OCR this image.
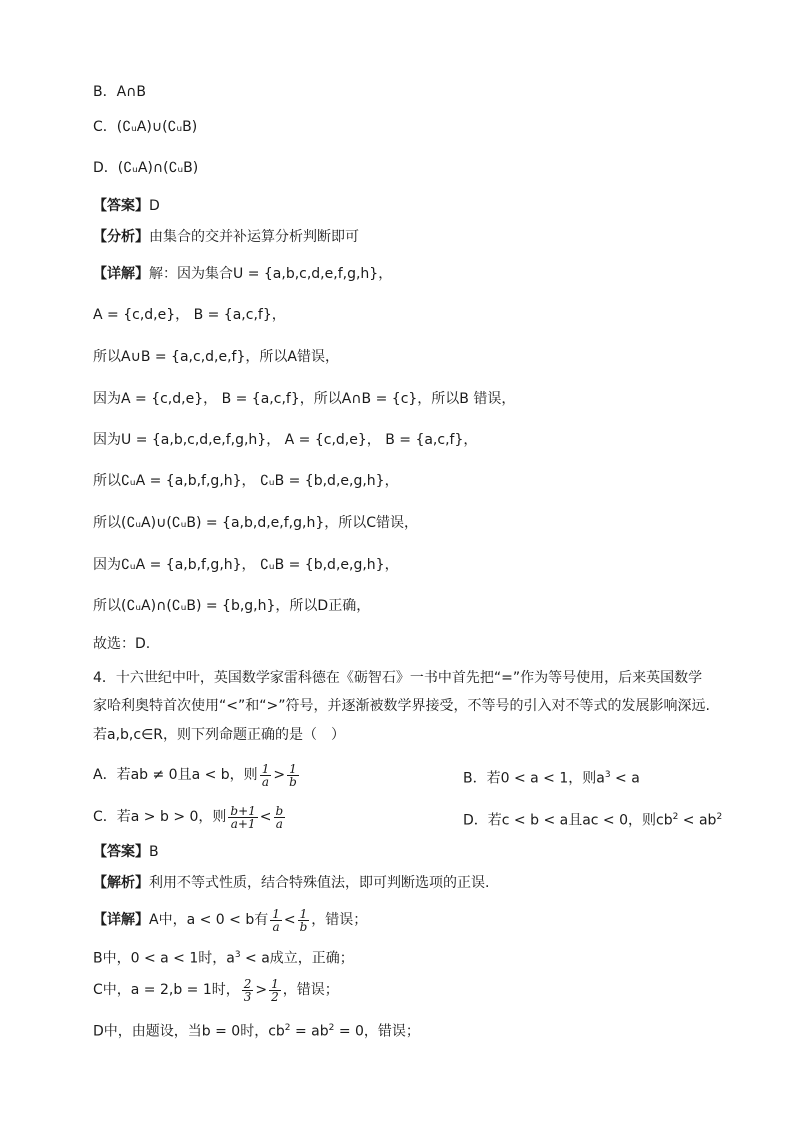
B．A∩B
C．(∁ᵤA)∪(∁ᵤB)
D．(∁ᵤA)∩(∁ᵤB)
【答案】D
【分析】由集合的交并补运算分析判断即可
【详解】解：因为集合U = {a,b,c,d,e,f,g,h}，
A = {c,d,e}， B = {a,c,f}，
所以A∪B = {a,c,d,e,f}，所以A错误，
因为A = {c,d,e}， B = {a,c,f}，所以A∩B = {c}，所以B 错误，
因为U = {a,b,c,d,e,f,g,h}， A = {c,d,e}， B = {a,c,f}，
所以∁ᵤA = {a,b,f,g,h}， ∁ᵤB = {b,d,e,g,h}，
所以(∁ᵤA)∪(∁ᵤB) = {a,b,d,e,f,g,h}，所以C错误，
因为∁ᵤA = {a,b,f,g,h}， ∁ᵤB = {b,d,e,g,h}，
所以(∁ᵤA)∩(∁ᵤB) = {b,g,h}，所以D正确，
故选：D.
4．十六世纪中叶，英国数学家雷科德在《砺智石》一书中首先把“=”作为等号使用，后来英国数学
家哈利奥特首次使用“<”和“>”符号，并逐渐被数学界接受，不等号的引入对不等式的发展影响深远.
若a,b,c∈R，则下列命题正确的是（　）
A．若ab ≠ 0且a < b，则 $\frac{1}{a} > \frac{1}{b}$	B．若0 < a < 1，则$a^3 < a$
C．若a > b > 0，则 $\frac{b+1}{a+1} < \frac{b}{a}$	D．若c < b < a且ac < 0，则$cb^2 < ab^2$
【答案】B
【解析】利用不等式性质，结合特殊值法，即可判断选项的正误.
【详解】A中，a < 0 < b有 $\frac{1}{a} < \frac{1}{b}$ ，错误；
B中，0 < a < 1时，$a^3 < a$成立，正确；
C中，a = 2,b = 1时， $\frac{2}{3} > \frac{1}{2}$ ，错误；
D中，由题设，当b = 0时，$cb^2 = ab^2 = 0$，错误；
